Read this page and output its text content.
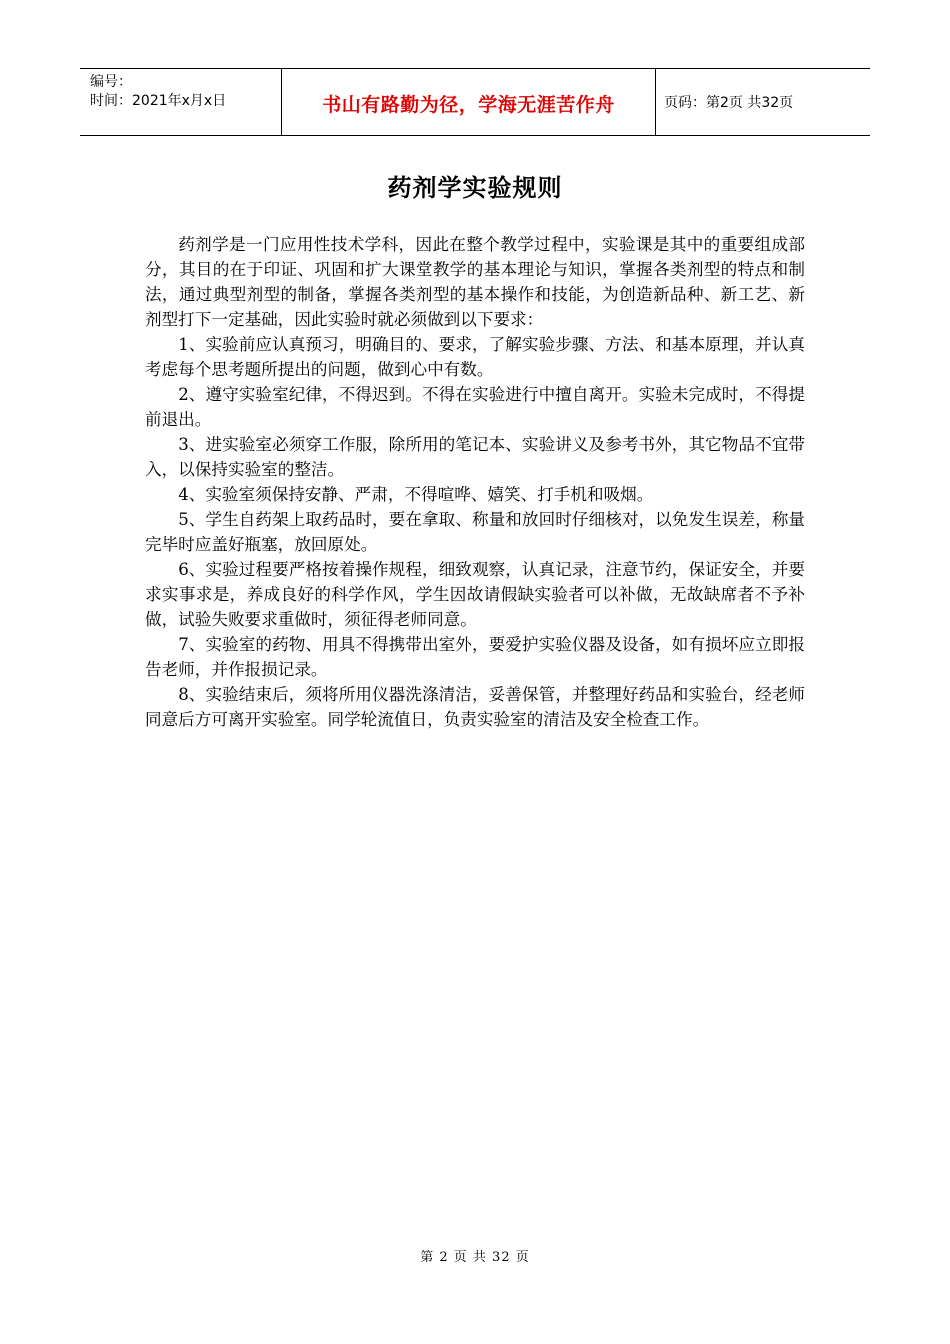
编号：
时间：2021年x月x日	书山有路勤为径，学海无涯苦作舟	页码：第2页 共32页
药剂学实验规则

药剂学是一门应用性技术学科，因此在整个教学过程中，实验课是其中的重要组成部分，其目的在于印证、巩固和扩大课堂教学的基本理论与知识，掌握各类剂型的特点和制法，通过典型剂型的制备，掌握各类剂型的基本操作和技能，为创造新品种、新工艺、新剂型打下一定基础，因此实验时就必须做到以下要求：

1、实验前应认真预习，明确目的、要求，了解实验步骤、方法、和基本原理，并认真考虑每个思考题所提出的问题，做到心中有数。

2、遵守实验室纪律，不得迟到。不得在实验进行中擅自离开。实验未完成时，不得提前退出。

3、进实验室必须穿工作服，除所用的笔记本、实验讲义及参考书外，其它物品不宜带入，以保持实验室的整洁。

4、实验室须保持安静、严肃，不得喧哗、嬉笑、打手机和吸烟。

5、学生自药架上取药品时，要在拿取、称量和放回时仔细核对，以免发生误差，称量完毕时应盖好瓶塞，放回原处。

6、实验过程要严格按着操作规程，细致观察，认真记录，注意节约，保证安全，并要求实事求是，养成良好的科学作风，学生因故请假缺实验者可以补做，无故缺席者不予补做，试验失败要求重做时，须征得老师同意。

7、实验室的药物、用具不得携带出室外，要爱护实验仪器及设备，如有损坏应立即报告老师，并作报损记录。

8、实验结束后，须将所用仪器洗涤清洁，妥善保管，并整理好药品和实验台，经老师同意后方可离开实验室。同学轮流值日，负责实验室的清洁及安全检查工作。

第 2 页 共 32 页
